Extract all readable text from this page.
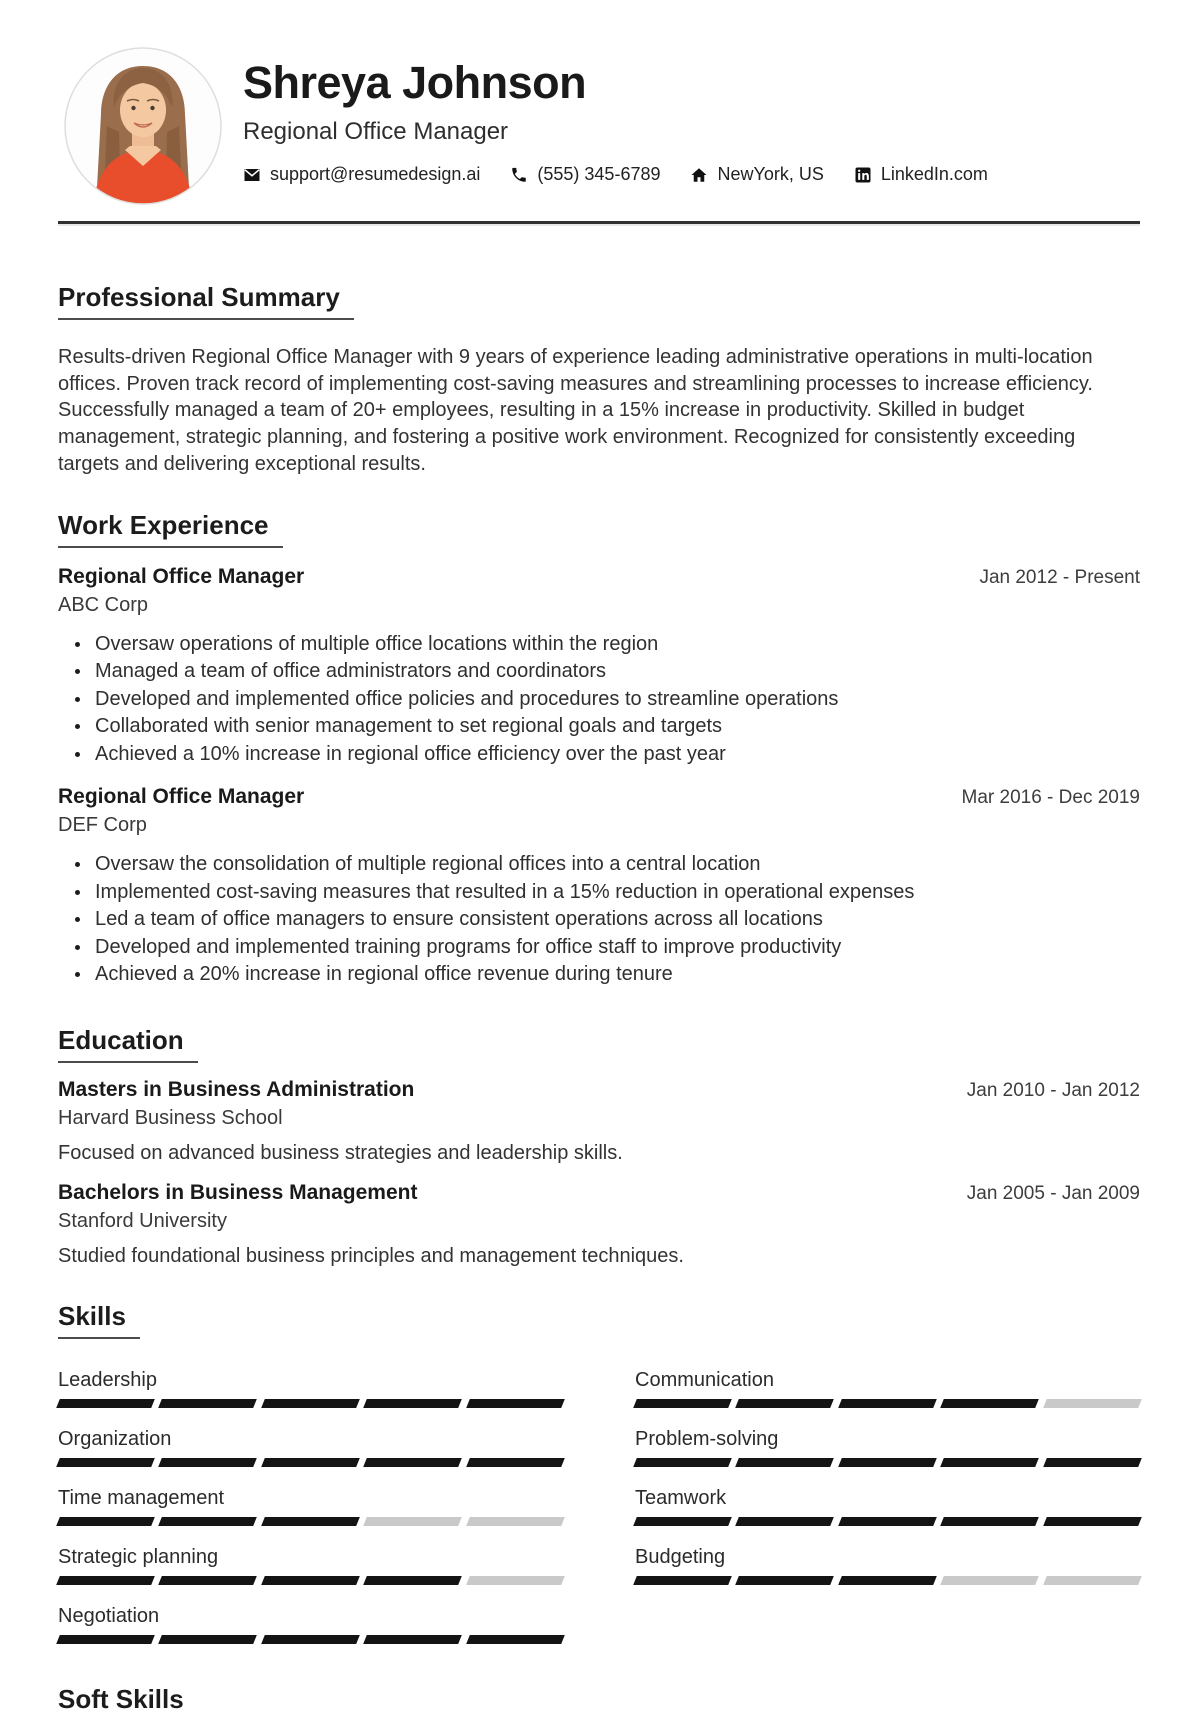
Shreya Johnson
Regional Office Manager
support@resumedesign.ai	(555) 345-6789	NewYork, US	LinkedIn.com
Professional Summary
Results-driven Regional Office Manager with 9 years of experience leading administrative operations in multi-location offices. Proven track record of implementing cost-saving measures and streamlining processes to increase efficiency. Successfully managed a team of 20+ employees, resulting in a 15% increase in productivity. Skilled in budget management, strategic planning, and fostering a positive work environment. Recognized for consistently exceeding targets and delivering exceptional results.
Work Experience
Regional Office Manager	Jan 2012 - Present
ABC Corp
Oversaw operations of multiple office locations within the region
Managed a team of office administrators and coordinators
Developed and implemented office policies and procedures to streamline operations
Collaborated with senior management to set regional goals and targets
Achieved a 10% increase in regional office efficiency over the past year
Regional Office Manager	Mar 2016 - Dec 2019
DEF Corp
Oversaw the consolidation of multiple regional offices into a central location
Implemented cost-saving measures that resulted in a 15% reduction in operational expenses
Led a team of office managers to ensure consistent operations across all locations
Developed and implemented training programs for office staff to improve productivity
Achieved a 20% increase in regional office revenue during tenure
Education
Masters in Business Administration	Jan 2010 - Jan 2012
Harvard Business School
Focused on advanced business strategies and leadership skills.
Bachelors in Business Management	Jan 2005 - Jan 2009
Stanford University
Studied foundational business principles and management techniques.
Skills
Leadership
Organization
Time management
Strategic planning
Negotiation
Communication
Problem-solving
Teamwork
Budgeting
Soft Skills
